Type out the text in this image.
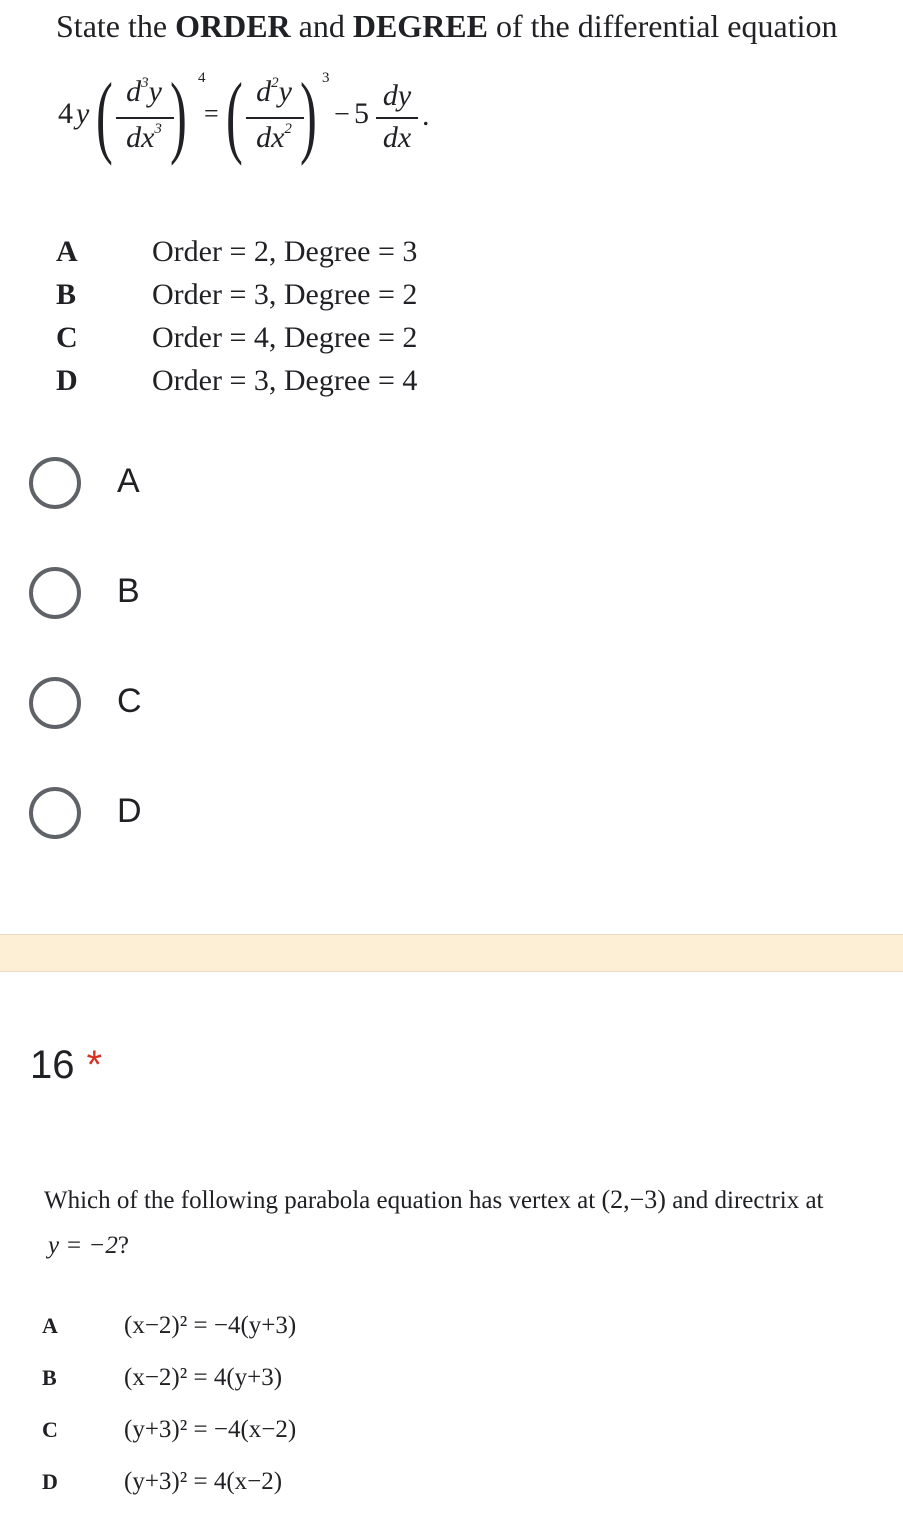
State the ORDER and DEGREE of the differential equation
4 y ( $d^3y$
$dx^3$ ) 4
= ( $d^2y$
$dx^2$ ) 3
− 5
dy
dx
.
A Order = 2, Degree = 3
B	Order = 3, Degree = 2
C Order = 4, Degree = 2
D Order = 3, Degree = 4
A
B
C
D
16 *
Which of the following parabola equation has vertex at (2,−3) and directrix at
y = −2?
A	(x−2)² = −4(y+3)
B	(x−2)² = 4(y+3)
C	(y+3)² = −4(x−2)
D	(y+3)² = 4(x−2)
